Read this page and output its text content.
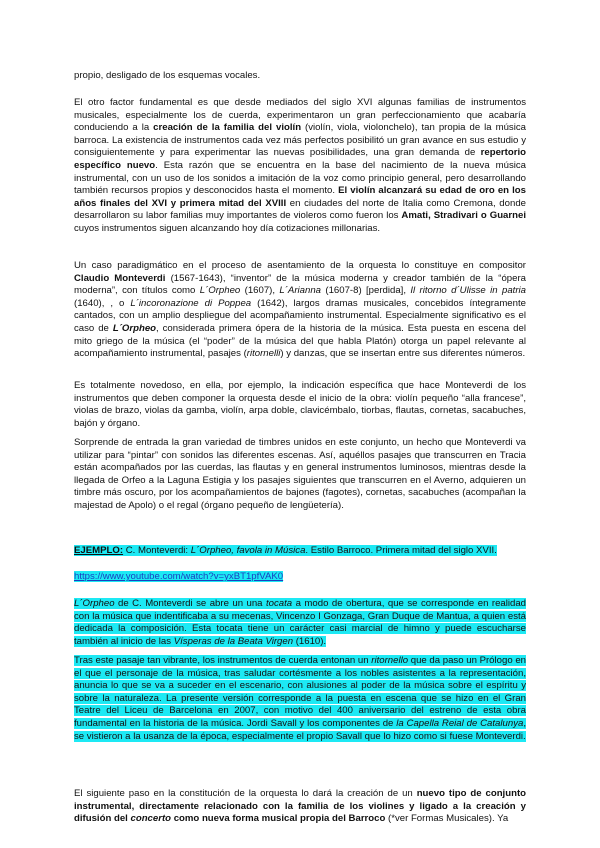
propio, desligado de los esquemas vocales.

El otro factor fundamental es que desde mediados del siglo XVI algunas familias de instrumentos musicales, especialmente los de cuerda, experimentaron un gran perfeccionamiento que acabaría conduciendo a la creación de la familia del violín (violín, viola, violonchelo), tan propia de la música barroca. La existencia de instrumentos cada vez más perfectos posibilitó un gran avance en sus estudio y consiguientemente y para experimentar las nuevas posibilidades, una gran demanda de repertorio específico nuevo. Esta razón que se encuentra en la base del nacimiento de la nueva música instrumental, con un uso de los sonidos a imitación de la voz como principio general, pero desarrollando también recursos propios y desconocidos hasta el momento. El violín alcanzará su edad de oro en los años finales del XVI y primera mitad del XVIII en ciudades del norte de Italia como Cremona, donde desarrollaron su labor familias muy importantes de violeros como fueron los Amati, Stradivari o Guarnei cuyos instrumentos siguen alcanzando hoy día cotizaciones millonarias.

Un caso paradigmático en el proceso de asentamiento de la orquesta lo constituye en compositor Claudio Monteverdi (1567-1643), “inventor” de la música moderna y creador también de la “ópera moderna”, con títulos como L´Orpheo (1607), L´Arianna (1607-8) [perdida], Il ritorno d´Ulisse in patria (1640), , o L´incoronazione di Poppea (1642), largos dramas musicales, concebidos íntegramente cantados, con un amplio despliegue del acompañamiento instrumental. Especialmente significativo es el caso de L´Orpheo, considerada primera ópera de la historia de la música. Esta puesta en escena del mito griego de la música (el “poder” de la música del que habla Platón) otorga un papel relevante al acompañamiento instrumental, pasajes (ritornelli) y danzas, que se insertan entre sus diferentes números.

Es totalmente novedoso, en ella, por ejemplo, la indicación específica que hace Monteverdi de los instrumentos que deben componer la orquesta desde el inicio de la obra: violín pequeño “alla francese”, violas de brazo, violas da gamba, violín, arpa doble, clavicémbalo, tiorbas, flautas, cornetas, sacabuches, bajón y órgano.

Sorprende de entrada la gran variedad de timbres unidos en este conjunto, un hecho que Monteverdi va utilizar para “pintar” con sonidos las diferentes escenas. Así, aquéllos pasajes que transcurren en Tracia están acompañados por las cuerdas, las flautas y en general instrumentos luminosos, mientras desde la llegada de Orfeo a la Laguna Estigia y los pasajes siguientes que transcurren en el Averno, adquieren un timbre más oscuro, por los acompañamientos de bajones (fagotes), cornetas, sacabuches (acompañan la majestad de Apolo) o el regal (órgano pequeño de lengüetería).

EJEMPLO: C. Monteverdi: L´Orpheo, favola in Música. Estilo Barroco. Primera mitad del siglo XVII.

https://www.youtube.com/watch?v=yxBT1pfVAK0

L´Orpheo de C. Monteverdi se abre un una tocata a modo de obertura, que se corresponde en realidad con la música que indentificaba a su mecenas, Vincenzo I Gonzaga, Gran Duque de Mantua, a quien está dedicada la composición. Esta tocata tiene un carácter casi marcial de himno y puede escucharse también al inicio de las Vísperas de la Beata Virgen (1610).

Tras este pasaje tan vibrante, los instrumentos de cuerda entonan un ritornello que da paso un Prólogo en el que el personaje de la música, tras saludar cortésmente a los nobles asistentes a la representación, anuncia lo que se va a suceder en el escenario, con alusiones al poder de la música sobre el espíritu y sobre la naturaleza. La presente versión corresponde a la puesta en escena que se hizo en el Gran Teatre del Liceu de Barcelona en 2007, con motivo del 400 aniversario del estreno de esta obra fundamental en la historia de la música. Jordi Savall y los componentes de la Capella Reial de Catalunya, se vistieron a la usanza de la época, especialmente el propio Savall que lo hizo como si fuese Monteverdi.

El siguiente paso en la constitución de la orquesta lo dará la creación de un nuevo tipo de conjunto instrumental, directamente relacionado con la familia de los violines y ligado a la creación y difusión del concerto como nueva forma musical propia del Barroco (*ver Formas Musicales). Ya
